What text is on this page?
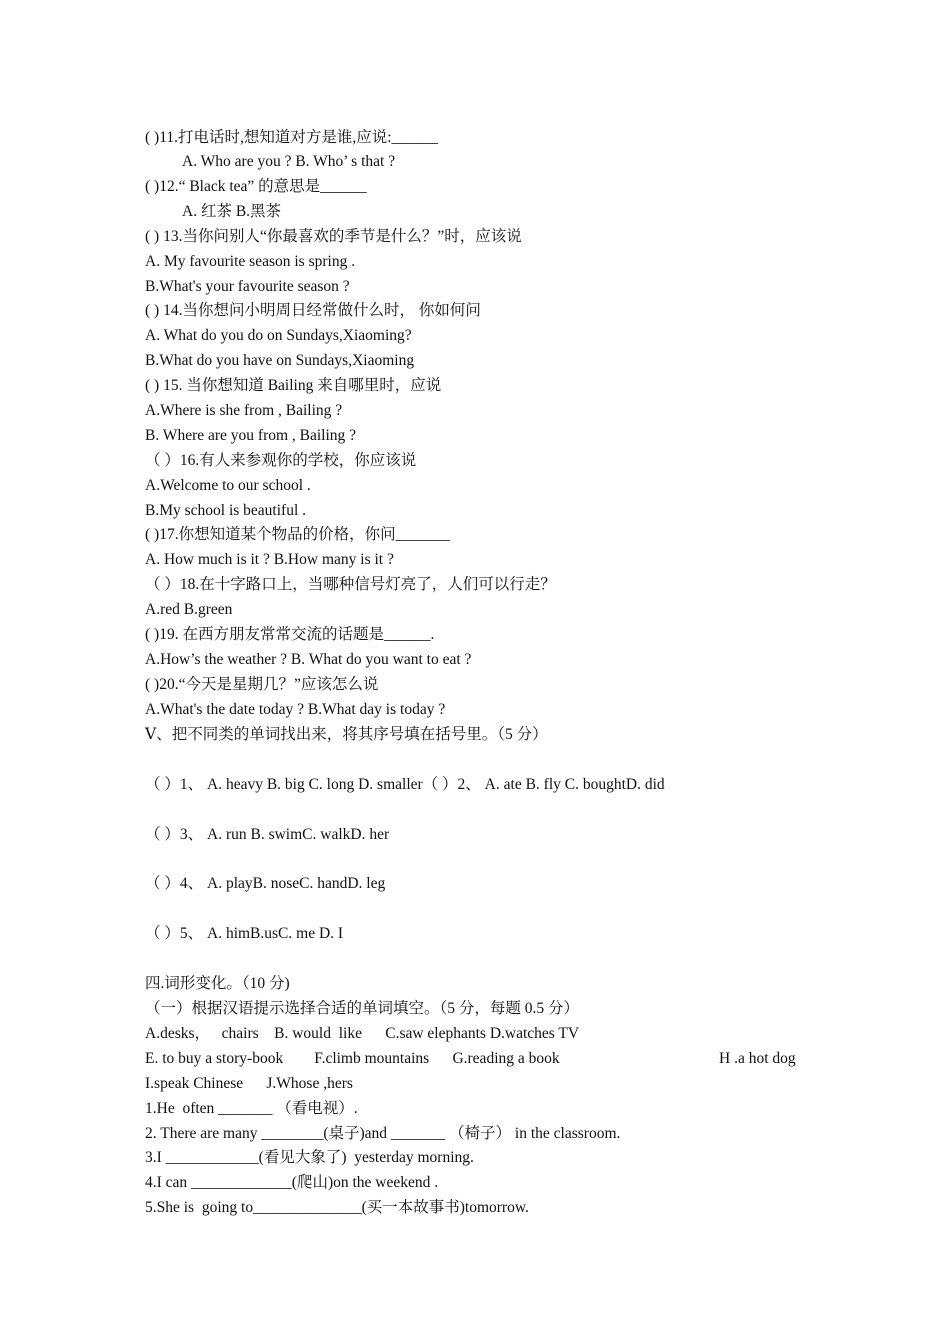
( )11.打电话时,想知道对方是谁,应说:______
A. Who are you ? B. Who’ s that ?
( )12.“ Black tea” 的意思是______
A. 红茶 B.黑茶
( ) 13.当你问别人“你最喜欢的季节是什么？”时，应该说
A. My favourite season is spring .
B.What's your favourite season ?
( ) 14.当你想问小明周日经常做什么时， 你如何问
A. What do you do on Sundays,Xiaoming?
B.What do you have on Sundays,Xiaoming
( ) 15. 当你想知道 Bailing 来自哪里时，应说
A.Where is she from , Bailing ?
B. Where are you from , Bailing ?
（ ）16.有人来参观你的学校，你应该说
A.Welcome to our school .
B.My school is beautiful .
( )17.你想知道某个物品的价格，你问_______
A. How much is it ? B.How many is it ?
（ ）18.在十字路口上，当哪种信号灯亮了，人们可以行走？
A.red B.green
( )19. 在西方朋友常常交流的话题是______.
A.How’s the weather ? B. What do you want to eat ?
( )20.“今天是星期几？”应该怎么说
A.What's the date today ? B.What day is today ?
Ⅴ、把不同类的单词找出来，将其序号填在括号里。（5 分）
（ ）1、 A. heavy B. big C. long D. smaller（ ）2、 A. ate B. fly C. boughtD. did
（ ）3、 A. run B. swimC. walkD. her
（ ）4、 A. playB. noseC. handD. leg
（ ）5、 A. himB.usC. me D. I
四.词形变化。（10 分)
（一）根据汉语提示选择合适的单词填空。（5 分，每题 0.5 分）
A.desks，   chairs    B. would  like      C.saw elephants D.watches TV
E. to buy a story-book        F.climb mountains      G.reading a book	H .a hot dog
I.speak Chinese      J.Whose ,hers
1.He  often _______ （看电视）.
2. There are many ________(桌子)and _______ （椅子） in the classroom.
3.I ____________(看见大象了)  yesterday morning.
4.I can _____________(爬山)on the weekend .
5.She is  going to______________(买一本故事书)tomorrow.
